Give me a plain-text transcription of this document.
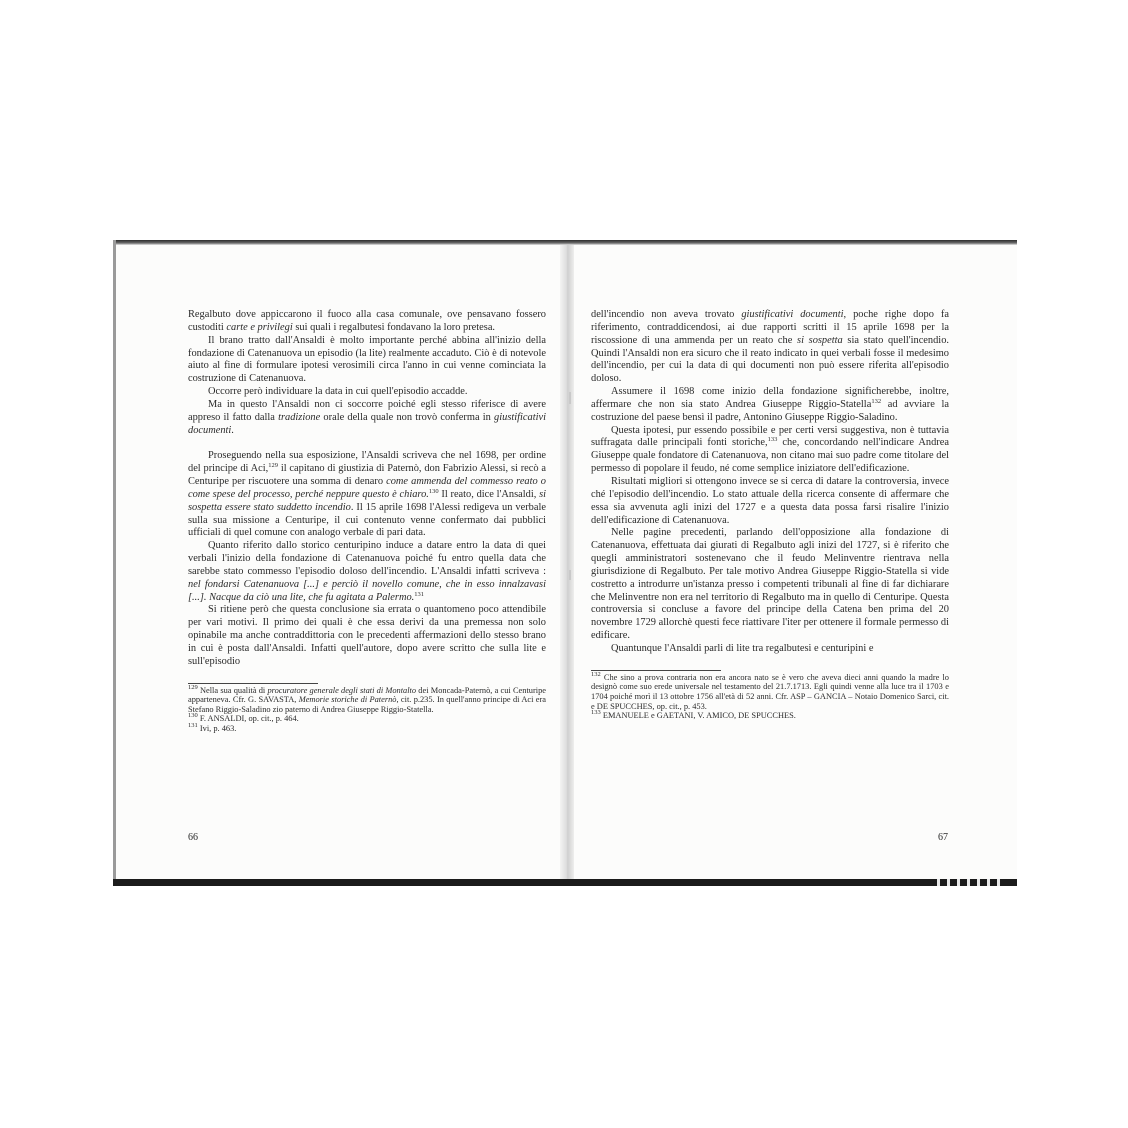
Regalbuto dove appiccarono il fuoco alla casa comunale, ove pensavano fossero custoditi carte e privilegi sui quali i regalbutesi fondavano la loro pretesa.

Il brano tratto dall'Ansaldi è molto importante perché abbina all'inizio della fondazione di Catenanuova un episodio (la lite) realmente accaduto. Ciò è di notevole aiuto al fine di formulare ipotesi verosimili circa l'anno in cui venne cominciata la costruzione di Catenanuova.

Occorre però individuare la data in cui quell'episodio accadde.

Ma in questo l'Ansaldi non ci soccorre poiché egli stesso riferisce di avere appreso il fatto dalla tradizione orale della quale non trovò conferma in giustificativi documenti.

Proseguendo nella sua esposizione, l'Ansaldi scriveva che nel 1698, per ordine del principe di Aci,$^{129}$ il capitano di giustizia di Paternò, don Fabrizio Alessi, si recò a Centuripe per riscuotere una somma di denaro come ammenda del commesso reato o come spese del processo, perché neppure questo è chiaro.$^{130}$ Il reato, dice l'Ansaldi, si sospetta essere stato suddetto incendio. Il 15 aprile 1698 l'Alessi redigeva un verbale sulla sua missione a Centuripe, il cui contenuto venne confermato dai pubblici ufficiali di quel comune con analogo verbale di pari data.

Quanto riferito dallo storico centuripino induce a datare entro la data di quei verbali l'inizio della fondazione di Catenanuova poiché fu entro quella data che sarebbe stato commesso l'episodio doloso dell'incendio. L'Ansaldi infatti scriveva : nel fondarsi Catenanuova [...] e perciò il novello comune, che in esso innalzavasi [...]. Nacque da ciò una lite, che fu agitata a Palermo.$^{131}$

Si ritiene però che questa conclusione sia errata o quantomeno poco attendibile per vari motivi. Il primo dei quali è che essa derivi da una premessa non solo opinabile ma anche contraddittoria con le precedenti affermazioni dello stesso brano in cui è posta dall'Ansaldi. Infatti quell'autore, dopo avere scritto che sulla lite e sull'episodio

$^{129}$ Nella sua qualità di procuratore generale degli stati di Montalto dei Moncada-Paternò, a cui Centuripe apparteneva. Cfr. G. SAVASTA, Memorie storiche di Paternò, cit. p.235. In quell'anno principe di Aci era Stefano Riggio-Saladino zio paterno di Andrea Giuseppe Riggio-Statella.

$^{130}$ F. ANSALDI, op. cit., p. 464.

$^{131}$ Ivi, p. 463.

66

dell'incendio non aveva trovato giustificativi documenti, poche righe dopo fa riferimento, contraddicendosi, ai due rapporti scritti il 15 aprile 1698 per la riscossione di una ammenda per un reato che si sospetta sia stato quell'incendio. Quindi l'Ansaldi non era sicuro che il reato indicato in quei verbali fosse il medesimo dell'incendio, per cui la data di qui documenti non può essere riferita all'episodio doloso.

Assumere il 1698 come inizio della fondazione significherebbe, inoltre, affermare che non sia stato Andrea Giuseppe Riggio-Statella$^{132}$ ad avviare la costruzione del paese bensì il padre, Antonino Giuseppe Riggio-Saladino.

Questa ipotesi, pur essendo possibile e per certi versi suggestiva, non è tuttavia suffragata dalle principali fonti storiche,$^{133}$ che, concordando nell'indicare Andrea Giuseppe quale fondatore di Catenanuova, non citano mai suo padre come titolare del permesso di popolare il feudo, né come semplice iniziatore dell'edificazione.

Risultati migliori si ottengono invece se si cerca di datare la controversia, invece ché l'episodio dell'incendio. Lo stato attuale della ricerca consente di affermare che essa sia avvenuta agli inizi del 1727 e a questa data possa farsi risalire l'inizio dell'edificazione di Catenanuova.

Nelle pagine precedenti, parlando dell'opposizione alla fondazione di Catenanuova, effettuata dai giurati di Regalbuto agli inizi del 1727, si è riferito che quegli amministratori sostenevano che il feudo Melinventre rientrava nella giurisdizione di Regalbuto. Per tale motivo Andrea Giuseppe Riggio-Statella si vide costretto a introdurre un'istanza presso i competenti tribunali al fine di far dichiarare che Melinventre non era nel territorio di Regalbuto ma in quello di Centuripe. Questa controversia si concluse a favore del principe della Catena ben prima del 20 novembre 1729 allorchè questi fece riattivare l'iter per ottenere il formale permesso di edificare.

Quantunque l'Ansaldi parli di lite tra regalbutesi e centuripini e

$^{132}$ Che sino a prova contraria non era ancora nato se è vero che aveva dieci anni quando la madre lo designò come suo erede universale nel testamento del 21.7.1713. Egli quindi venne alla luce tra il 1703 e 1704 poiché morì il 13 ottobre 1756 all'età di 52 anni. Cfr. ASP – GANCIA – Notaio Domenico Sarci, cit. e DE SPUCCHES, op. cit., p. 453.

$^{133}$ EMANUELE e GAETANI, V. AMICO, DE SPUCCHES.

67
